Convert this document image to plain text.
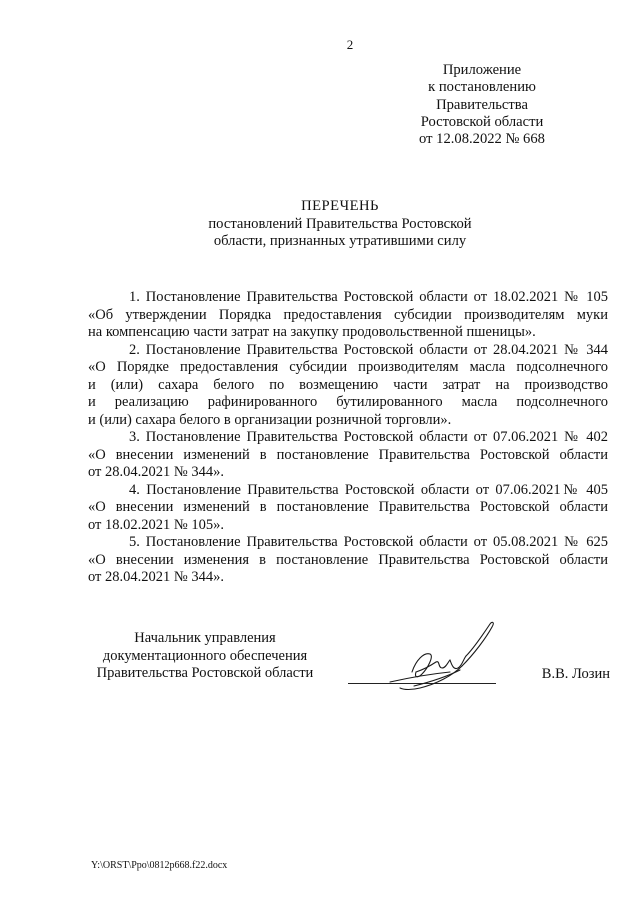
2
Приложение
к постановлению
Правительства
Ростовской области
от 12.08.2022 № 668
ПЕРЕЧЕНЬ
постановлений Правительства Ростовской
области, признанных утратившими силу
1. Постановление Правительства Ростовской области от 18.02.2021 № 105
«Об утверждении Порядка предоставления субсидии производителям муки
на компенсацию части затрат на закупку продовольственной пшеницы».
2. Постановление Правительства Ростовской области от 28.04.2021 № 344
«О Порядке предоставления субсидии производителям масла подсолнечного
и (или) сахара белого по возмещению части затрат на производство
и реализацию рафинированного бутилированного масла подсолнечного
и (или) сахара белого в организации розничной торговли».
3. Постановление Правительства Ростовской области от 07.06.2021 № 402
«О внесении изменений в постановление Правительства Ростовской области
от 28.04.2021 № 344».
4. Постановление Правительства Ростовской области от 07.06.2021№ 405
«О внесении изменений в постановление Правительства Ростовской области
от 18.02.2021 № 105».
5. Постановление Правительства Ростовской области от 05.08.2021 № 625
«О внесении изменения в постановление Правительства Ростовской области
от 28.04.2021 № 344».
Начальник управления
документационного обеспечения
Правительства Ростовской области	В.В. Лозин
Y:\ORST\Ppo\0812p668.f22.docx
